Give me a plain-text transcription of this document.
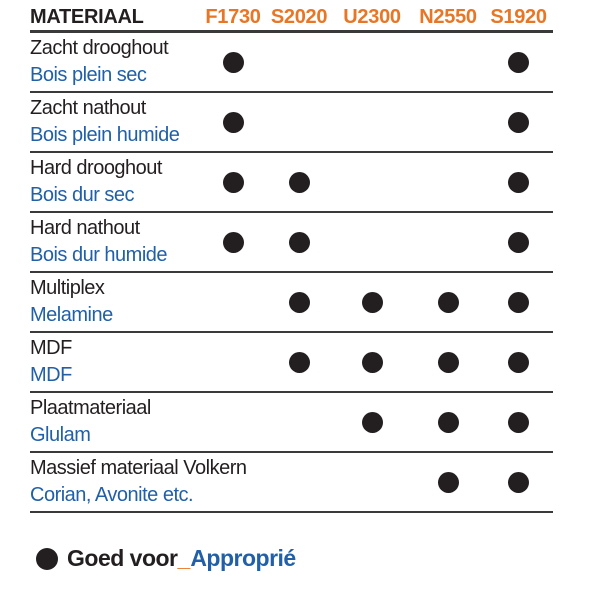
MATERIAAL	F1730 S2020 U2300 N2550 S1920
Zacht drooghout
Bois plein sec
Zacht nathout
Bois plein humide
Hard drooghout
Bois dur sec
Hard nathout
Bois dur humide
Multiplex
Melamine
MDF
MDF
Plaatmateriaal
Glulam
Massief materiaal Volkern
Corian, Avonite etc.
Goed voor _ Approprié
